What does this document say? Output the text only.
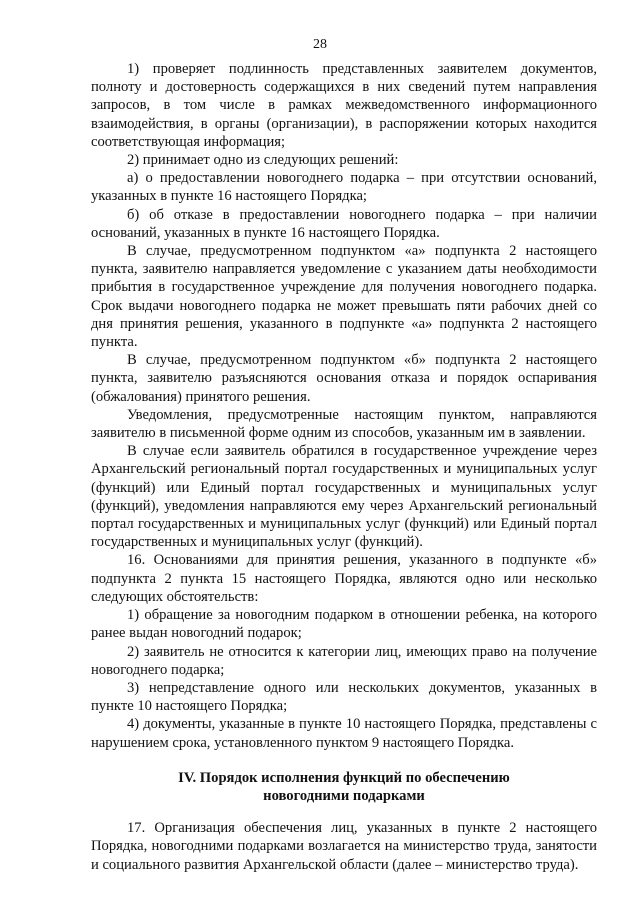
28

1) проверяет подлинность представленных заявителем документов, полноту и достоверность содержащихся в них сведений путем направления запросов, в том числе в рамках межведомственного информационного взаимодействия, в органы (организации), в распоряжении которых находится соответствующая информация;

2) принимает одно из следующих решений:

а) о предоставлении новогоднего подарка – при отсутствии оснований, указанных в пункте 16 настоящего Порядка;

б) об отказе в предоставлении новогоднего подарка – при наличии оснований, указанных в пункте 16 настоящего Порядка.

В случае, предусмотренном подпунктом «а» подпункта 2 настоящего пункта, заявителю направляется уведомление с указанием даты необходимости прибытия в государственное учреждение для получения новогоднего подарка. Срок выдачи новогоднего подарка не может превышать пяти рабочих дней со дня принятия решения, указанного в подпункте «а» подпункта 2 настоящего пункта.

В случае, предусмотренном подпунктом «б» подпункта 2 настоящего пункта, заявителю разъясняются основания отказа и порядок оспаривания (обжалования) принятого решения.

Уведомления, предусмотренные настоящим пунктом, направляются заявителю в письменной форме одним из способов, указанным им в заявлении.

В случае если заявитель обратился в государственное учреждение через Архангельский региональный портал государственных и муниципальных услуг (функций) или Единый портал государственных и муниципальных услуг (функций), уведомления направляются ему через Архангельский региональный портал государственных и муниципальных услуг (функций) или Единый портал государственных и муниципальных услуг (функций).

16. Основаниями для принятия решения, указанного в подпункте «б» подпункта 2 пункта 15 настоящего Порядка, являются одно или несколько следующих обстоятельств:

1) обращение за новогодним подарком в отношении ребенка, на которого ранее выдан новогодний подарок;

2) заявитель не относится к категории лиц, имеющих право на получение новогоднего подарка;

3) непредставление одного или нескольких документов, указанных в пункте 10 настоящего Порядка;

4) документы, указанные в пункте 10 настоящего Порядка, представлены с нарушением срока, установленного пунктом 9 настоящего Порядка.

IV. Порядок исполнения функций по обеспечению
новогодними подарками

17. Организация обеспечения лиц, указанных в пункте 2 настоящего Порядка, новогодними подарками возлагается на министерство труда, занятости и социального развития Архангельской области (далее – министерство труда).
